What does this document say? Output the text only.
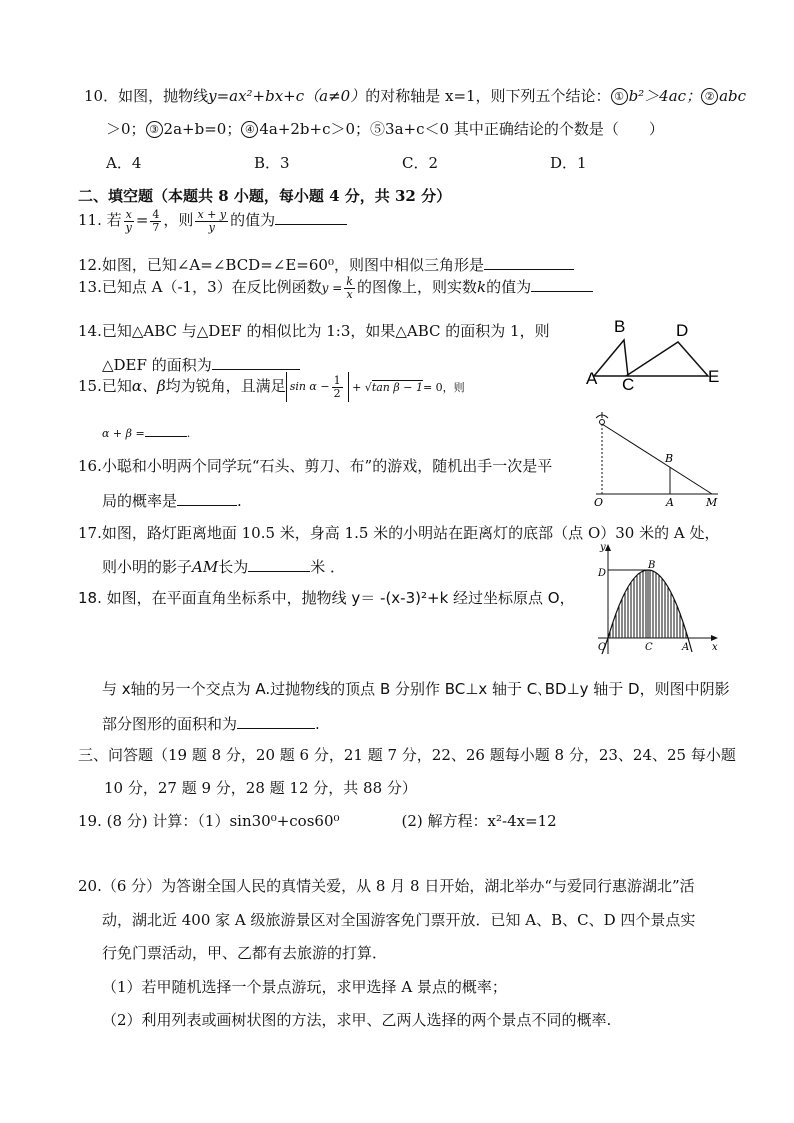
10．如图，抛物线y=ax²+bx+c（a≠0）的对称轴是 x=1，则下列五个结论： ① b²＞4ac； ② abc
＞0； ③ 2a+b=0； ④ 4a+2b+c＞0；⑤3a+c＜0 其中正确结论的个数是（　　）
A．4	B．3	C．2	D．1
二、填空题（本题共 8 小题，每小题 4 分，共 32 分）
11. 若 $\frac{x}{y} = \frac{4}{7}$ ，则 $\frac{x + y}{y}$ 的值为
12.如图，已知∠A=∠BCD=∠E=60⁰，则图中相似三角形是
13.已知点 A（-1，3）在反比例函数$y = \frac{k}{x}$ 的图像上，则实数k的值为
14.已知△ABC 与△DEF 的相似比为 1:3，如果△ABC 的面积为 1，则
△DEF 的面积为
15.已知α、β均为锐角，且满足 $\sin \alpha - \frac{1}{2} + √\tan$ β − 1= 0，则
α + β =	.
16.小聪和小明两个同学玩“石头、剪刀、布”的游戏，随机出手一次是平
局的概率是	.
17.如图，路灯距离地面 10.5 米，身高 1.5 米的小明站在距离灯的底部（点 O）30 米的 A 处，
则小明的影子AM长为	米 ．
18. 如图，在平面直角坐标系中，抛物线 y＝ -(x-3)²+k 经过坐标原点 O，
与 x轴的另一个交点为 A.过抛物线的顶点 B 分别作 BC⊥x 轴于 C､BD⊥y 轴于 D，则图中阴影
部分图形的面积和为	.
三、问答题（19 题 8 分，20 题 6 分，21 题 7 分，22、26 题每小题 8 分，23、24、25 每小题
10 分，27 题 9 分，28 题 12 分，共 88 分）
19. (8 分) 计算：（1）sin30⁰+cos60⁰	(2) 解方程：x²-4x=12
20.（6 分）为答谢全国人民的真情关爱，从 8 月 8 日开始，湖北举办“与爱同行惠游湖北”活
动，湖北近 400 家 A 级旅游景区对全国游客免门票开放．已知 A、B、C、D 四个景点实
行免门票活动，甲、乙都有去旅游的打算．
（1）若甲随机选择一个景点游玩，求甲选择 A 景点的概率；
（2）利用列表或画树状图的方法，求甲、乙两人选择的两个景点不同的概率.
B	D
A C	E
B
O	A	M
y
D
B
O	C	A x
